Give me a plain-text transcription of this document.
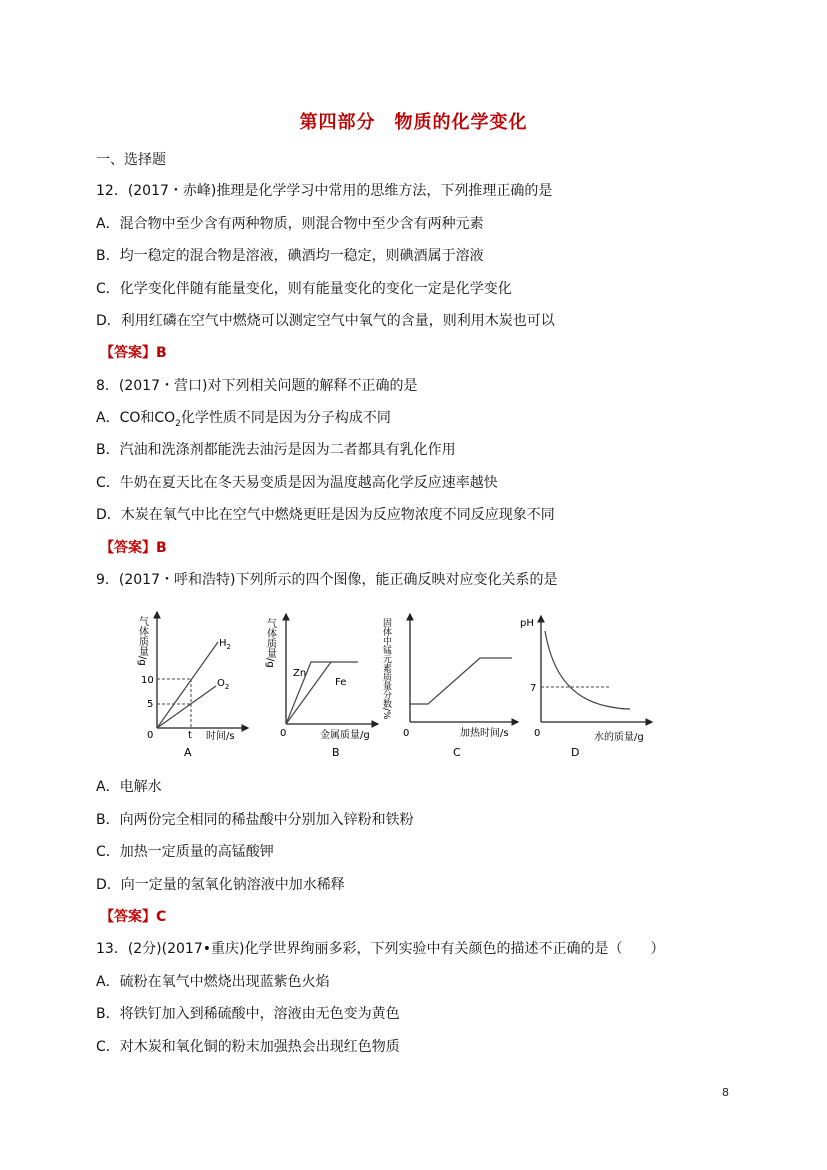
第四部分　物质的化学变化
一、选择题
12．(2017・赤峰)推理是化学学习中常用的思维方法，下列推理正确的是
A．混合物中至少含有两种物质，则混合物中至少含有两种元素
B．均一稳定的混合物是溶液，碘酒均一稳定，则碘酒属于溶液
C．化学变化伴随有能量变化，则有能量变化的变化一定是化学变化
D．利用红磷在空气中燃烧可以测定空气中氧气的含量，则利用木炭也可以
【答案】B
8．(2017・营口)对下列相关问题的解释不正确的是
A．CO和$CO_2$化学性质不同是因为分子构成不同
B．汽油和洗涤剂都能洗去油污是因为二者都具有乳化作用
C．牛奶在夏天比在冬天易变质是因为温度越高化学反应速率越快
D．木炭在氧气中比在空气中燃烧更旺是因为反应物浓度不同反应现象不同
【答案】B
9．(2017・呼和浩特)下列所示的四个图像，能正确反映对应变化关系的是
气体质量/g
10
5
0	t
$H_2$
$O_2$
时间/s
A
气体质量/g
Zn
Fe
0	金属质量/g
B
固体中锰元素质量分数/%
0	加热时间/s
C
pH
7
0	水的质量/g
D
A．电解水
B．向两份完全相同的稀盐酸中分别加入锌粉和铁粉
C．加热一定质量的高锰酸钾
D．向一定量的氢氧化钠溶液中加水稀释
【答案】C
13．(2分)(2017•重庆)化学世界绚丽多彩，下列实验中有关颜色的描述不正确的是（　　）
A．硫粉在氧气中燃烧出现蓝紫色火焰
B．将铁钉加入到稀硫酸中，溶液由无色变为黄色
C．对木炭和氧化铜的粉末加强热会出现红色物质
8
